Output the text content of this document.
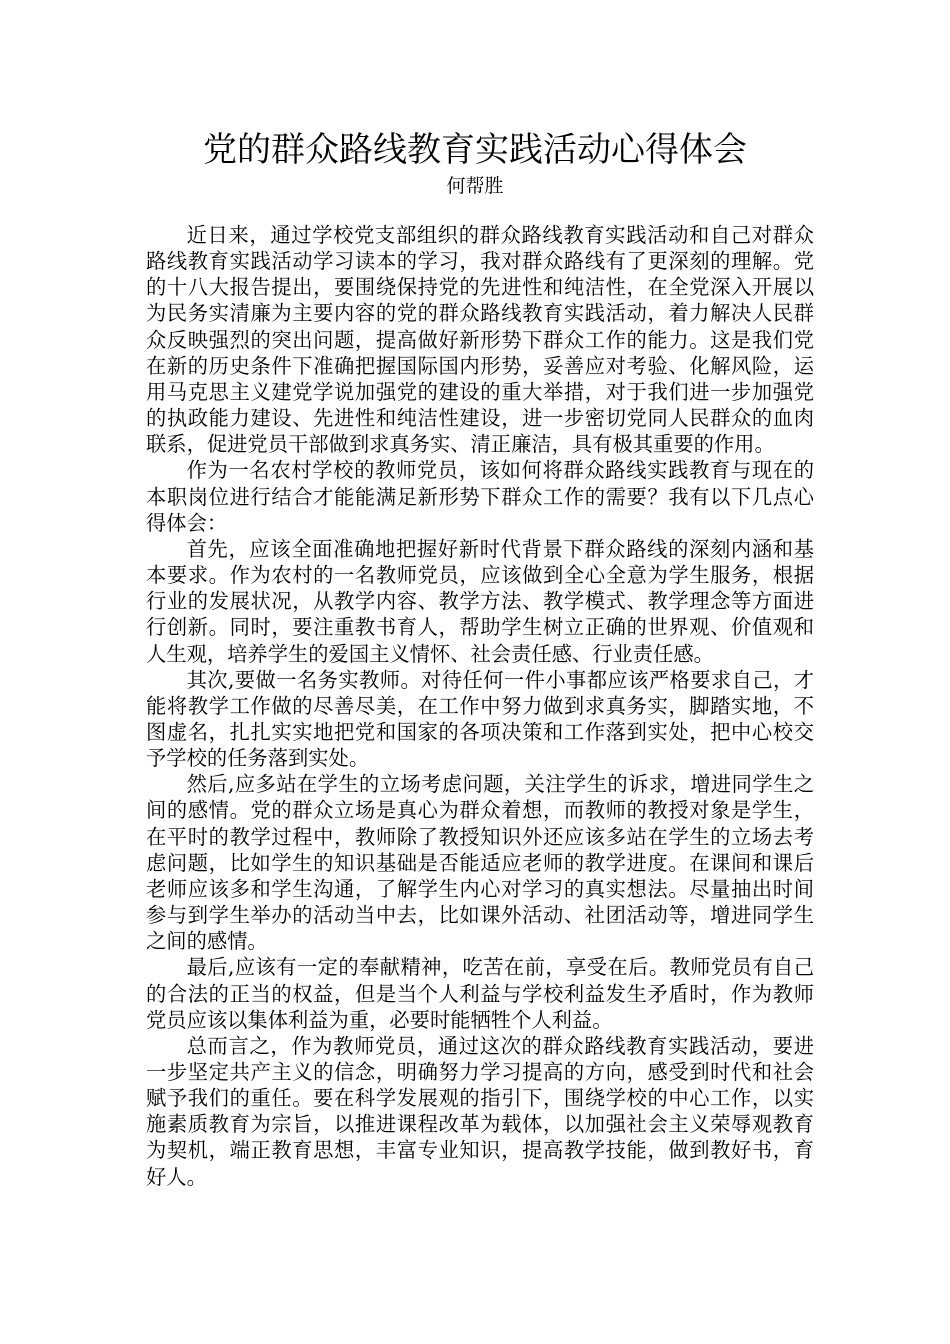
党的群众路线教育实践活动心得体会
何帮胜

近日来，通过学校党支部组织的群众路线教育实践活动和自己对群众路线教育实践活动学习读本的学习，我对群众路线有了更深刻的理解。党的十八大报告提出，要围绕保持党的先进性和纯洁性，在全党深入开展以为民务实清廉为主要内容的党的群众路线教育实践活动，着力解决人民群众反映强烈的突出问题，提高做好新形势下群众工作的能力。这是我们党在新的历史条件下准确把握国际国内形势，妥善应对考验、化解风险，运用马克思主义建党学说加强党的建设的重大举措，对于我们进一步加强党的执政能力建设、先进性和纯洁性建设，进一步密切党同人民群众的血肉联系，促进党员干部做到求真务实、清正廉洁，具有极其重要的作用。

作为一名农村学校的教师党员，该如何将群众路线实践教育与现在的本职岗位进行结合才能能满足新形势下群众工作的需要？我有以下几点心得体会：

首先，应该全面准确地把握好新时代背景下群众路线的深刻内涵和基本要求。作为农村的一名教师党员，应该做到全心全意为学生服务，根据行业的发展状况，从教学内容、教学方法、教学模式、教学理念等方面进行创新。同时，要注重教书育人，帮助学生树立正确的世界观、价值观和人生观，培养学生的爱国主义情怀、社会责任感、行业责任感。

其次,要做一名务实教师。对待任何一件小事都应该严格要求自己，才能将教学工作做的尽善尽美，在工作中努力做到求真务实，脚踏实地，不图虚名，扎扎实实地把党和国家的各项决策和工作落到实处，把中心校交予学校的任务落到实处。

然后,应多站在学生的立场考虑问题，关注学生的诉求，增进同学生之间的感情。党的群众立场是真心为群众着想，而教师的教授对象是学生，在平时的教学过程中，教师除了教授知识外还应该多站在学生的立场去考虑问题，比如学生的知识基础是否能适应老师的教学进度。在课间和课后老师应该多和学生沟通，了解学生内心对学习的真实想法。尽量抽出时间参与到学生举办的活动当中去，比如课外活动、社团活动等，增进同学生之间的感情。

最后,应该有一定的奉献精神，吃苦在前，享受在后。教师党员有自己的合法的正当的权益，但是当个人利益与学校利益发生矛盾时，作为教师党员应该以集体利益为重，必要时能牺牲个人利益。

总而言之，作为教师党员，通过这次的群众路线教育实践活动，要进一步坚定共产主义的信念，明确努力学习提高的方向，感受到时代和社会赋予我们的重任。要在科学发展观的指引下，围绕学校的中心工作，以实施素质教育为宗旨，以推进课程改革为载体，以加强社会主义荣辱观教育为契机，端正教育思想，丰富专业知识，提高教学技能，做到教好书，育好人。
